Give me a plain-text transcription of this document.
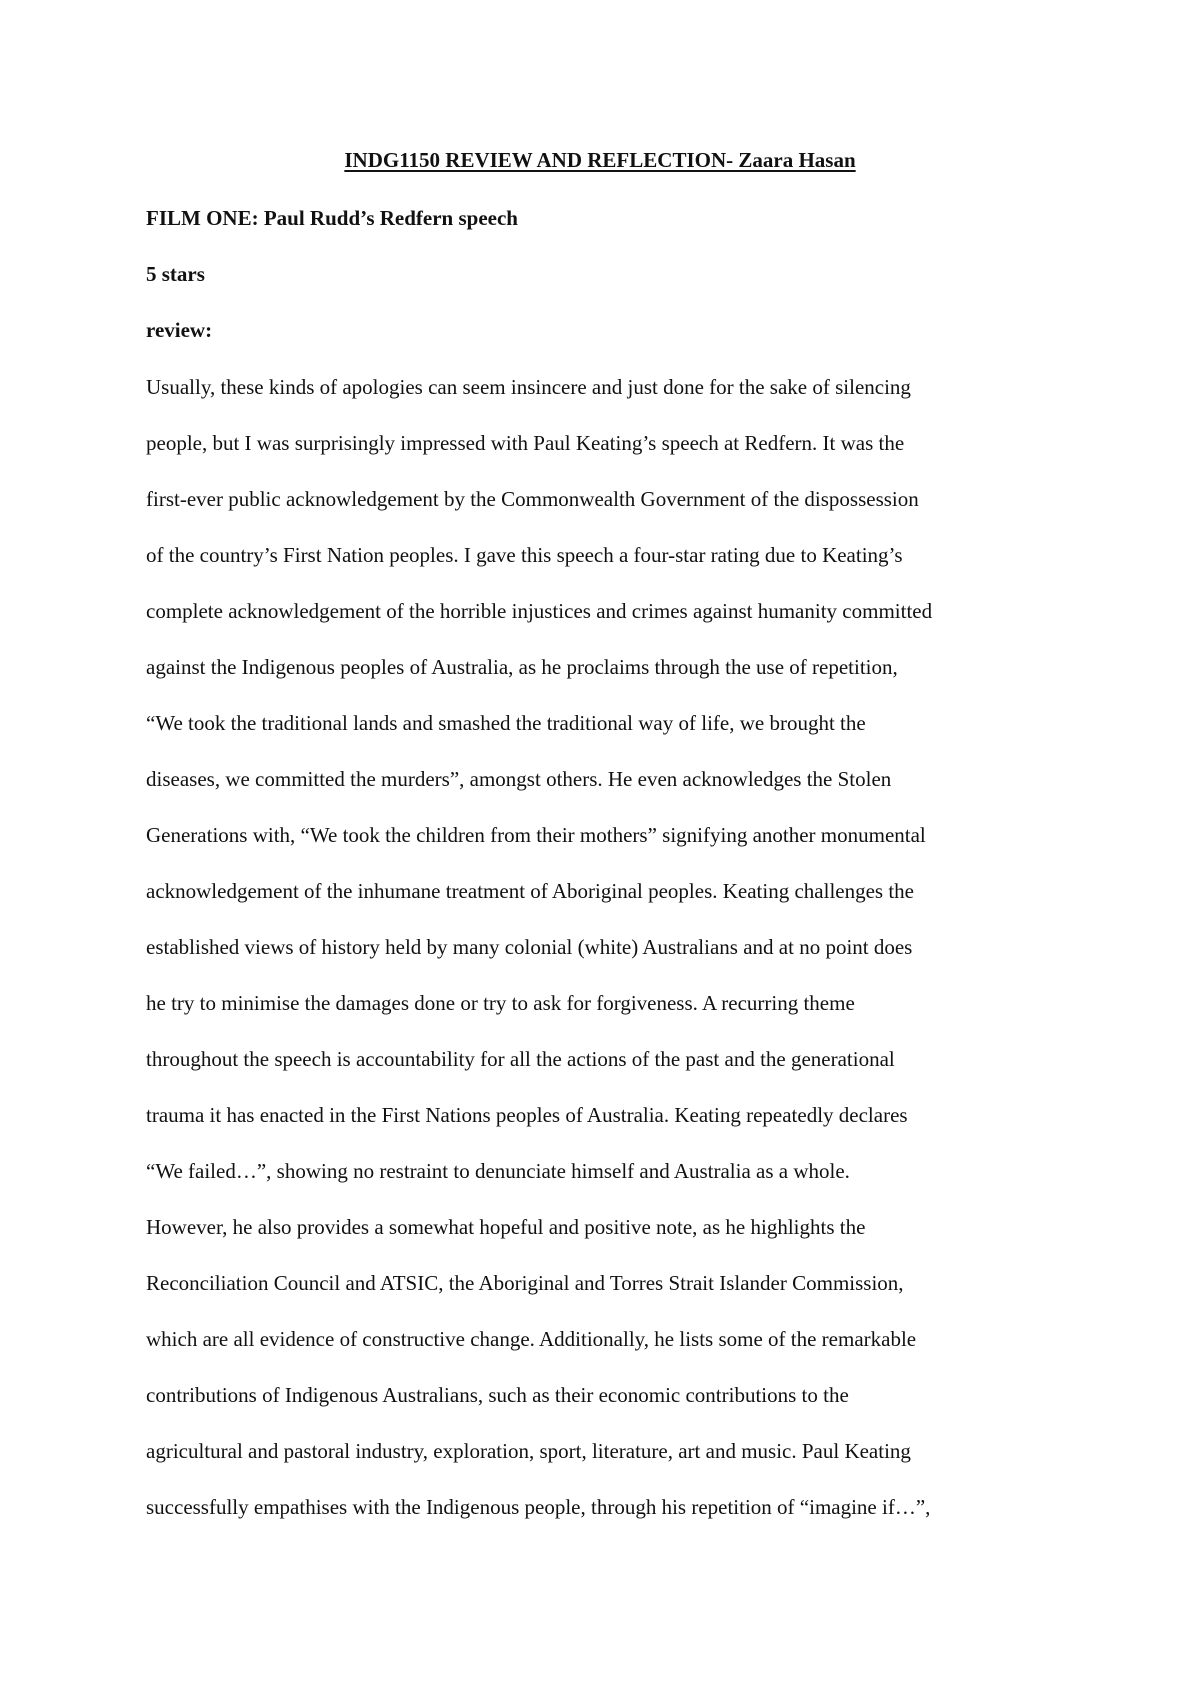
INDG1150 REVIEW AND REFLECTION- Zaara Hasan
FILM ONE: Paul Rudd’s Redfern speech
5 stars
review:
Usually, these kinds of apologies can seem insincere and just done for the sake of silencing
people, but I was surprisingly impressed with Paul Keating’s speech at Redfern. It was the
first-ever public acknowledgement by the Commonwealth Government of the dispossession
of the country’s First Nation peoples. I gave this speech a four-star rating due to Keating’s
complete acknowledgement of the horrible injustices and crimes against humanity committed
against the Indigenous peoples of Australia, as he proclaims through the use of repetition,
“We took the traditional lands and smashed the traditional way of life, we brought the
diseases, we committed the murders”, amongst others. He even acknowledges the Stolen
Generations with, “We took the children from their mothers” signifying another monumental
acknowledgement of the inhumane treatment of Aboriginal peoples. Keating challenges the
established views of history held by many colonial (white) Australians and at no point does
he try to minimise the damages done or try to ask for forgiveness. A recurring theme
throughout the speech is accountability for all the actions of the past and the generational
trauma it has enacted in the First Nations peoples of Australia. Keating repeatedly declares
“We failed…”, showing no restraint to denunciate himself and Australia as a whole.
However, he also provides a somewhat hopeful and positive note, as he highlights the
Reconciliation Council and ATSIC, the Aboriginal and Torres Strait Islander Commission,
which are all evidence of constructive change. Additionally, he lists some of the remarkable
contributions of Indigenous Australians, such as their economic contributions to the
agricultural and pastoral industry, exploration, sport, literature, art and music. Paul Keating
successfully empathises with the Indigenous people, through his repetition of “imagine if…”,
